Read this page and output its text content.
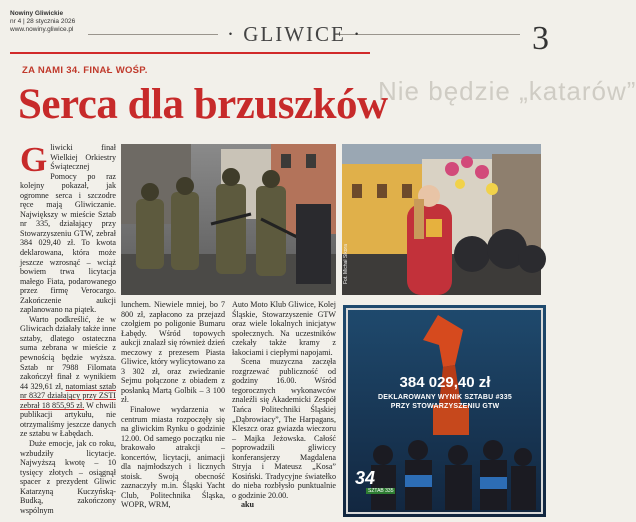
Nowiny Gliwickie
nr 4 | 28 stycznia 2026
www.nowiny.gliwice.pl	· GLIWICE ·	3
Nie będzie „katarów”
ZA NAMI 34. FINAŁ WOŚP.
Serca dla brzuszków

Gliwicki finał Wielkiej Orkiestry Świątecznej Pomocy po raz kolejny pokazał, jak ogromne serca i szczodre ręce mają Gliwiczanie. Największy w mieście Sztab nr 335, działający przy Stowarzyszeniu GTW, zebrał 384 029,40 zł. To kwota deklarowana, która może jeszcze wzrosnąć – wciąż bowiem trwa licytacja małego Fiata, podarowanego przez firmę Verocargo. Zakończenie aukcji zaplanowano na piątek.

Warto podkreślić, że w Gliwicach działały także inne sztaby, dlatego ostateczna suma zebrana w mieście z pewnością będzie wyższa. Sztab nr 7988 Filomata zakończył finał z wynikiem 44 329,61 zł, natomiast sztab nr 8327 działający przy ZSTI zebrał 18 855,95 zł. W chwili publikacji artykułu, nie otrzymaliśmy jeszcze danych ze sztabu w Łabędach.

Duże emocje, jak co roku, wzbudziły licytacje. Najwyższą kwotę – 10 tysięcy złotych – osiągnął spacer z prezydent Gliwic Katarzyną Kuczyńską-Budką, zakończony wspólnym

Fot. Michał Sikora

lunchem. Niewiele mniej, bo 7 800 zł, zapłacono za przejazd czołgiem po poligonie Bumaru Łabędy. Wśród topowych aukcji znalazł się również dzień meczowy z prezesem Piasta Gliwice, który wylicytowano za 3 302 zł, oraz zwiedzanie Sejmu połączone z obiadem z posłanką Martą Golbik – 3 100 zł.

Finałowe wydarzenia w centrum miasta rozpoczęły się na gliwickim Rynku o godzinie 12.00. Od samego początku nie brakowało atrakcji – koncertów, licytacji, animacji dla najmłodszych i licznych stoisk. Swoją obecność zaznaczyły m.in. Śląski Yacht Club, Politechnika Śląska, WOPR, WRM,

Auto Moto Klub Gliwice, Kolej Śląskie, Stowarzyszenie GTW oraz wiele lokalnych inicjatyw społecznych. Na uczestników czekały także kramy z łakociami i ciepłymi napojami.

Scena muzyczna zaczęła rozgrzewać publiczność od godziny 16.00. Wśród tegorocznych wykonawców znaleźli się Akademicki Zespół Tańca Politechniki Śląskiej „Dąbrowiacy”, The Harpagans, Kleszcz oraz gwiazda wieczoru – Majka Jeżowska. Całość poprowadzili gliwiccy konferansjerzy Magdalena Stryja i Mateusz „Kosa” Kosiński. Tradycyjne światełko do nieba rozbłysło punktualnie o godzinie 20.00.

aku

384 029,40 zł
DEKLAROWANY WYNIK SZTABU #335
PRZY STOWARZYSZENIU GTW
34
SZTAB 335
